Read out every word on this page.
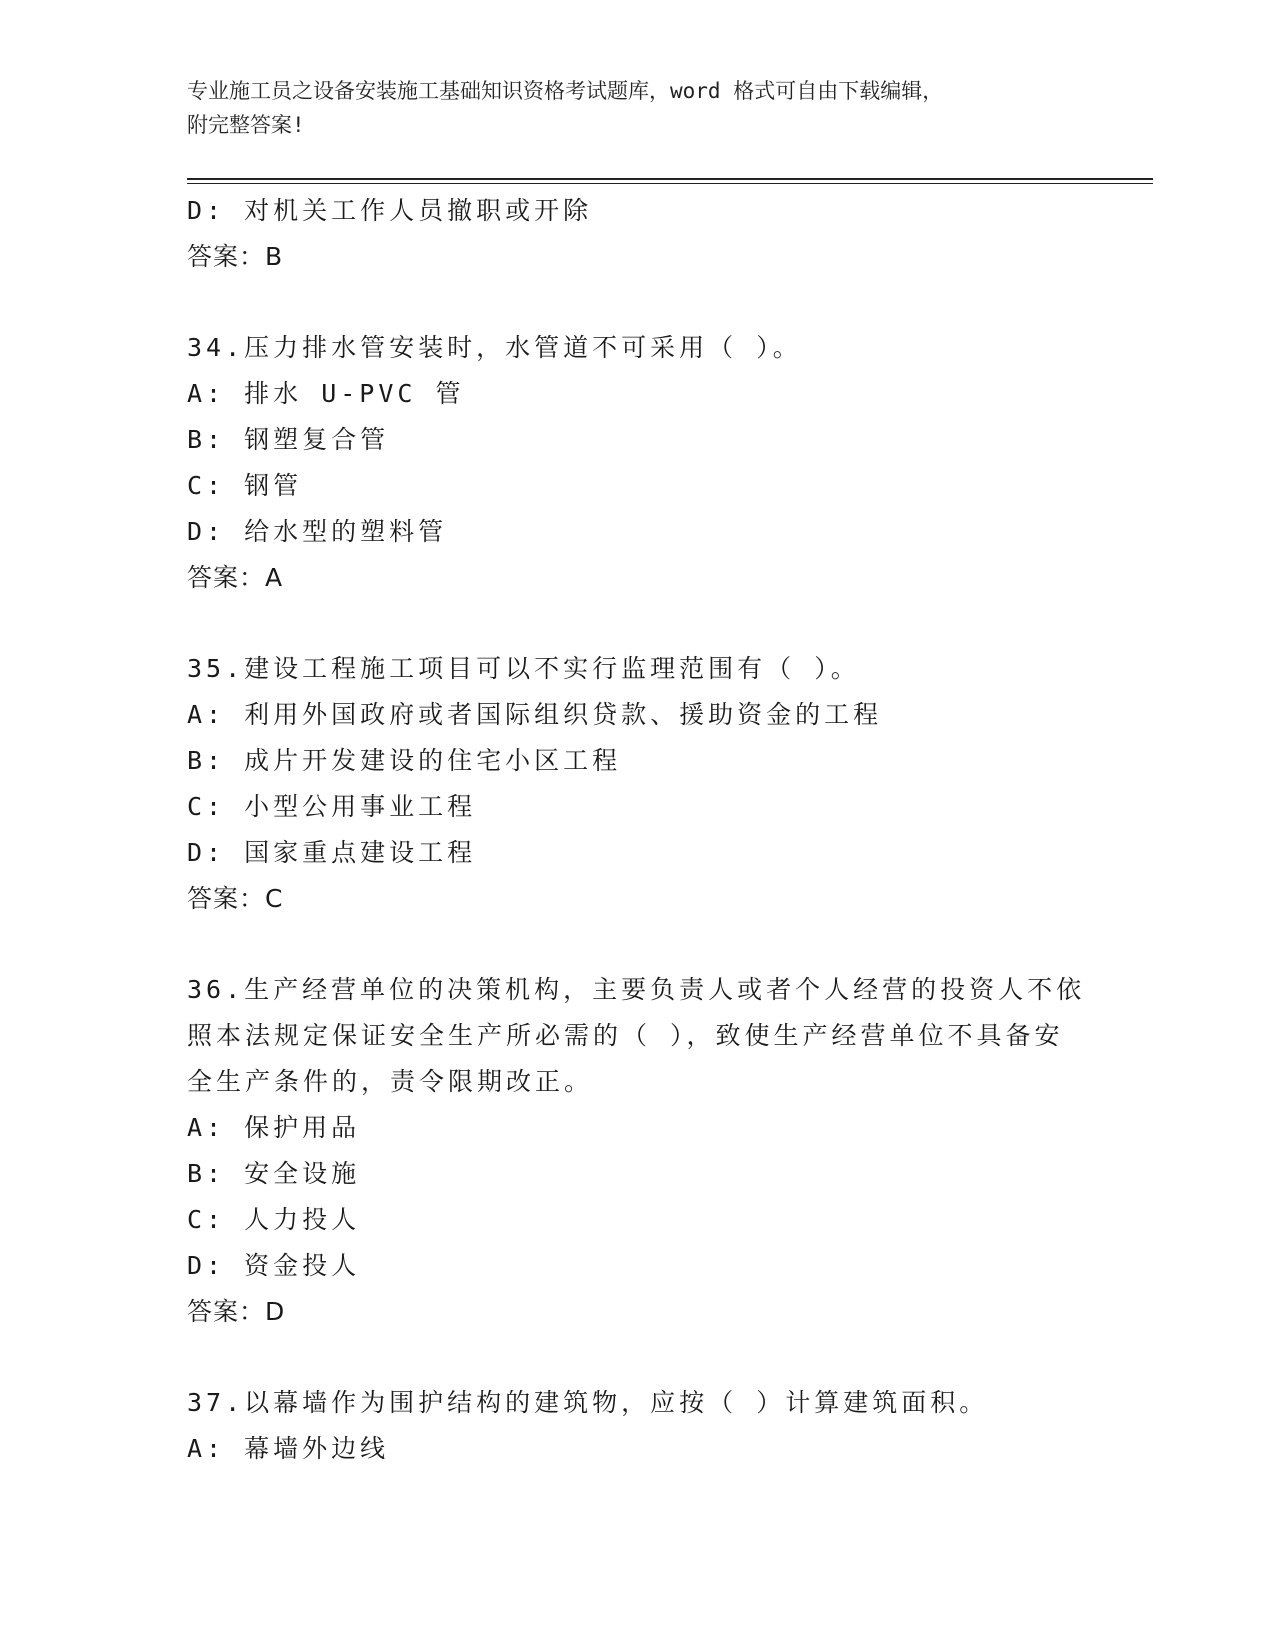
专业施工员之设备安装施工基础知识资格考试题库，word 格式可自由下载编辑，
附完整答案!
D: 对机关工作人员撤职或开除
答案：B
34.压力排水管安装时，水管道不可采用（ ）。
A: 排水 U-PVC 管
B: 钢塑复合管
C: 钢管
D: 给水型的塑料管
答案：A
35.建设工程施工项目可以不实行监理范围有（ ）。
A: 利用外国政府或者国际组织贷款、援助资金的工程
B: 成片开发建设的住宅小区工程
C: 小型公用事业工程
D: 国家重点建设工程
答案：C
36.生产经营单位的决策机构，主要负责人或者个人经营的投资人不依
照本法规定保证安全生产所必需的（ ），致使生产经营单位不具备安
全生产条件的，责令限期改正。
A: 保护用品
B: 安全设施
C: 人力投人
D: 资金投人
答案：D
37.以幕墙作为围护结构的建筑物，应按（ ）计算建筑面积。
A: 幕墙外边线
